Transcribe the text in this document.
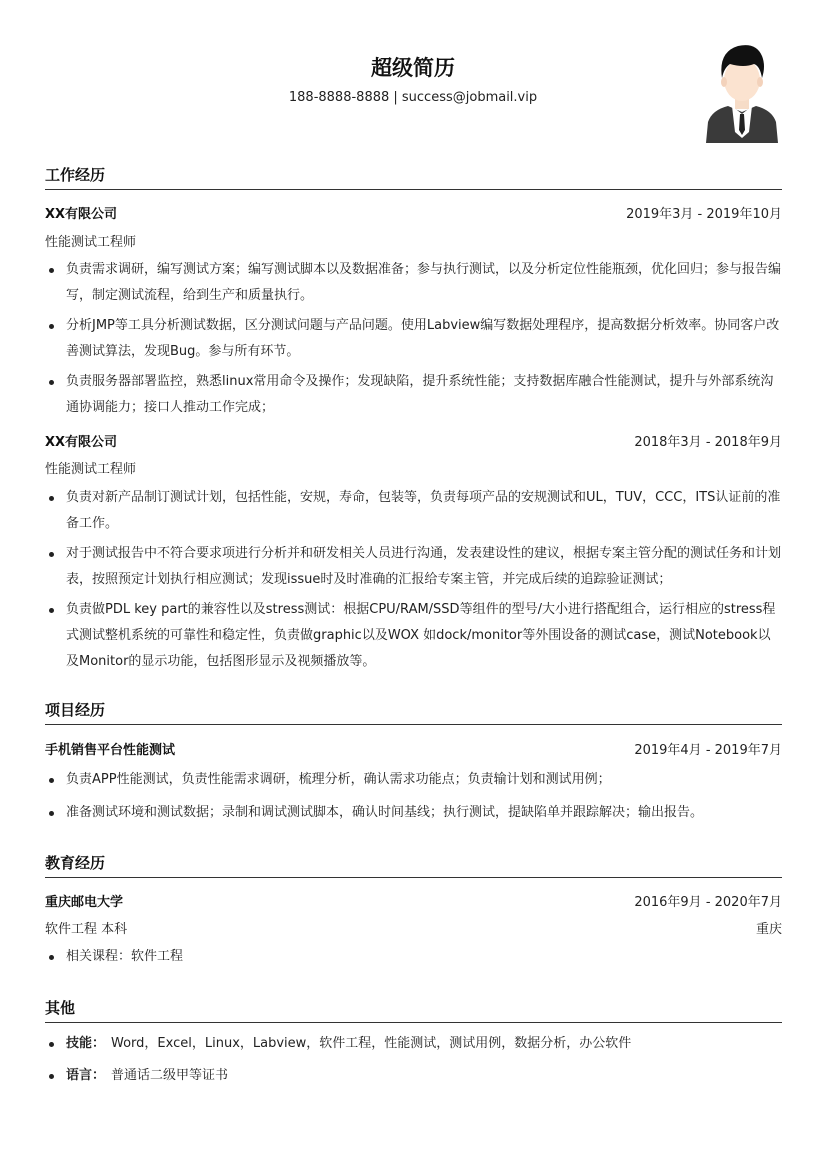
超级简历
188-8888-8888 | success@jobmail.vip
工作经历
XX有限公司	2019年3月 - 2019年10月
性能测试工程师
负责需求调研，编写测试方案；编写测试脚本以及数据准备；参与执行测试，以及分析定位性能瓶颈，优化回归；参与报告编写，制定测试流程，给到生产和质量执行。
分析JMP等工具分析测试数据，区分测试问题与产品问题。使用Labview编写数据处理程序，提高数据分析效率。协同客户改善测试算法，发现Bug。参与所有环节。
负责服务器部署监控，熟悉linux常用命令及操作；发现缺陷，提升系统性能；支持数据库融合性能测试，提升与外部系统沟通协调能力；接口人推动工作完成；
XX有限公司	2018年3月 - 2018年9月
性能测试工程师
负责对新产品制订测试计划，包括性能，安规，寿命，包装等，负责每项产品的安规测试和UL，TUV，CCC，ITS认证前的准备工作。
对于测试报告中不符合要求项进行分析并和研发相关人员进行沟通，发表建设性的建议，根据专案主管分配的测试任务和计划表，按照预定计划执行相应测试；发现issue时及时准确的汇报给专案主管，并完成后续的追踪验证测试；
负责做PDL key part的兼容性以及stress测试：根据CPU/RAM/SSD等组件的型号/大小进行搭配组合，运行相应的stress程式测试整机系统的可靠性和稳定性，负责做graphic以及WOX 如dock/monitor等外围设备的测试case，测试Notebook以及Monitor的显示功能，包括图形显示及视频播放等。
项目经历
手机销售平台性能测试	2019年4月 - 2019年7月
负责APP性能测试，负责性能需求调研，梳理分析，确认需求功能点；负责输计划和测试用例；
准备测试环境和测试数据；录制和调试测试脚本，确认时间基线；执行测试，提缺陷单并跟踪解决；输出报告。
教育经历
重庆邮电大学	2016年9月 - 2020年7月
软件工程 本科	重庆
相关课程：软件工程
其他
技能： Word，Excel，Linux，Labview，软件工程，性能测试，测试用例，数据分析，办公软件
语言： 普通话二级甲等证书
